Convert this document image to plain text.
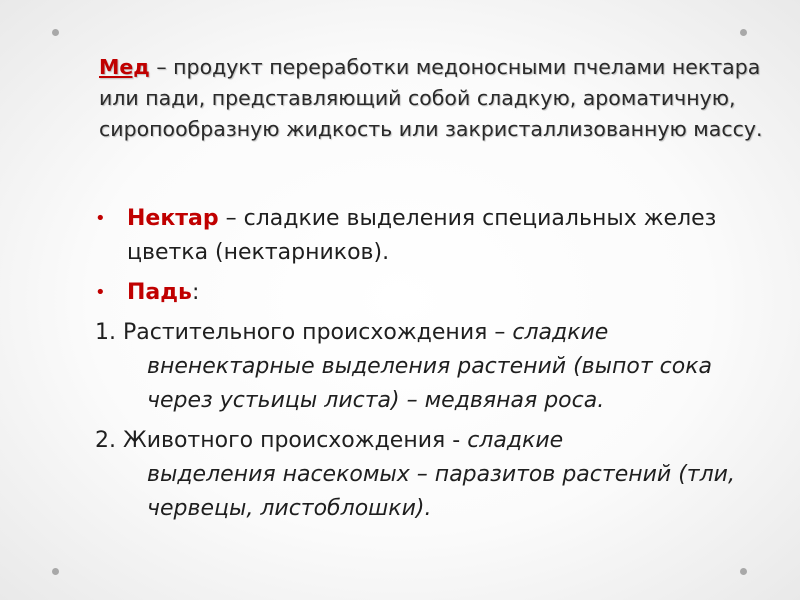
Мед – продукт переработки медоносными пчелами нектара или пади, представляющий собой сладкую, ароматичную, сиропообразную жидкость или закристаллизованную массу.
• Нектар – сладкие выделения специальных желез цветка (нектарников).
• Падь:
1. Растительного происхождения – сладкие
вненектарные выделения растений (выпот сока через устьицы листа) – медвяная роса.
2. Животного происхождения - сладкие
выделения насекомых – паразитов растений (тли, червецы, листоблошки).
